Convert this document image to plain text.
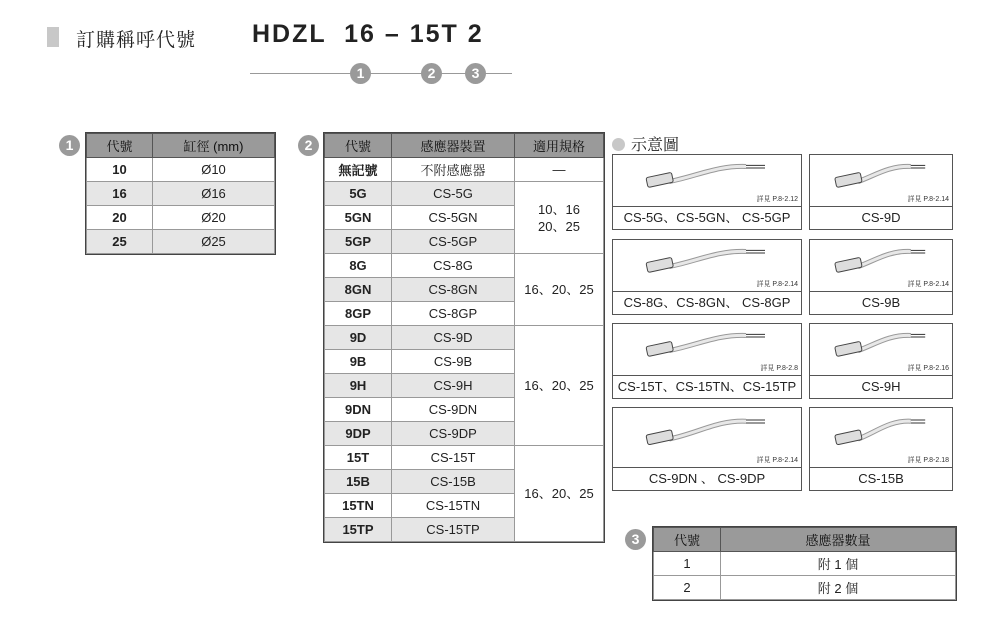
訂購稱呼代號 HDZL  16 – 15T 2
1	2	3
1	代號	缸徑 (mm)
10	Ø10
16	Ø16
20	Ø20
25	Ø25
2	代號	感應器裝置	適用規格
無記號	不附感應器	—
5G	CS-5G	10、16
20、25
5GN	CS-5GN	
5GP	CS-5GP	
8G	CS-8G	16、20、25
8GN	CS-8GN	
8GP	CS-8GP	
9D	CS-9D	16、20、25
9B	CS-9B	
9H	CS-9H	
9DN	CS-9DN	
9DP	CS-9DP	
15T	CS-15T	16、20、25
15B	CS-15B	
15TN	CS-15TN	
15TP	CS-15TP	
示意圖
詳見 P.8-2.12
CS-5G、CS-5GN、 CS-5GP
詳見 P.8-2.14
CS-9D
詳見 P.8-2.14
CS-8G、CS-8GN、 CS-8GP
詳見 P.8-2.14
CS-9B
詳見 P.8-2.8
CS-15T、CS-15TN、CS-15TP
詳見 P.8-2.16
CS-9H
詳見 P.8-2.14
CS-9DN 、 CS-9DP
詳見 P.8-2.18
CS-15B
3	代號	感應器數量
1	附 1 個
2	附 2 個
